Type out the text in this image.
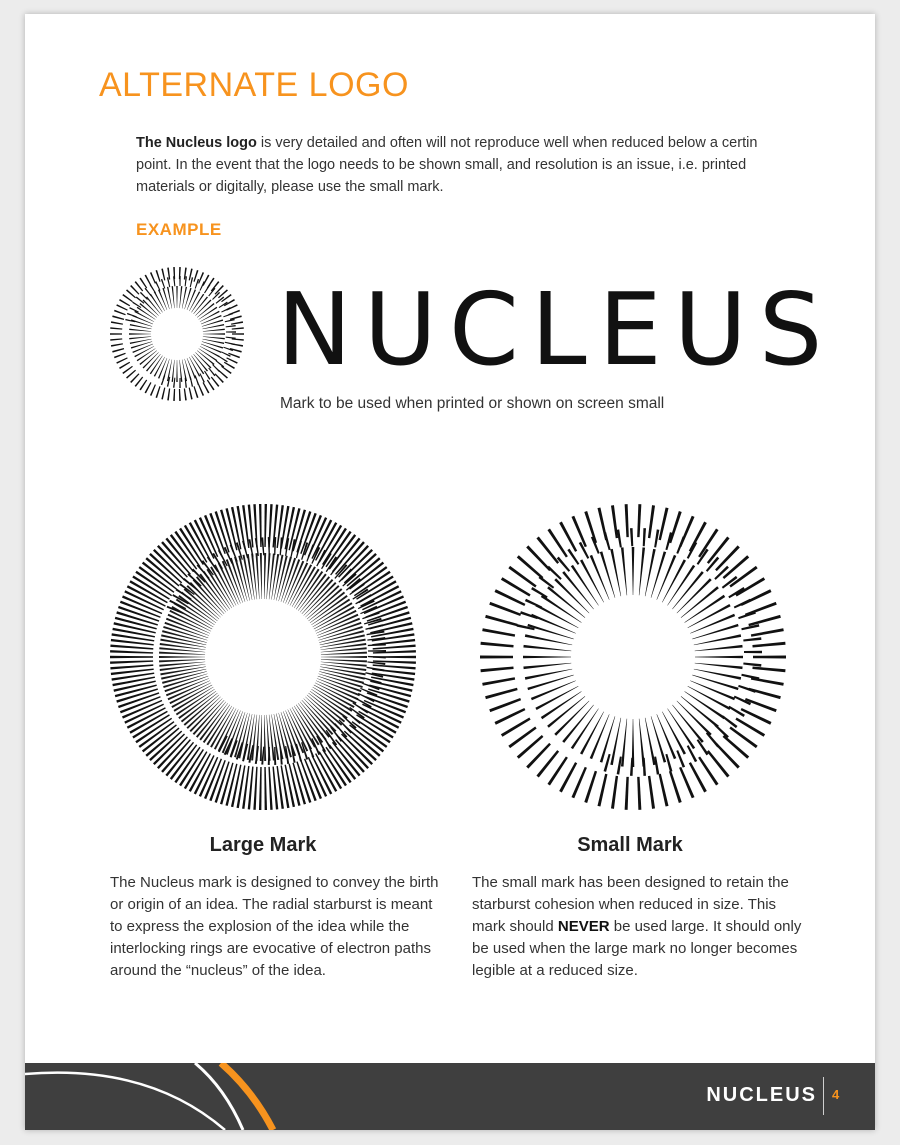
ALTERNATE LOGO
The Nucleus logo is very detailed and often will not reproduce well when reduced below a certin point. In the event that the logo needs to be shown small, and resolution is an issue, i.e. printed materials or digitally, please use the small mark.
EXAMPLE
NUCLEUS
Mark to be used when printed or shown on screen small
Large Mark
The Nucleus mark is designed to convey the birth or origin of an idea. The radial starburst is meant to express the explosion of the idea while the interlocking rings are evocative of electron paths around the “nucleus” of the idea.
Small Mark
The small mark has been designed to retain the starburst cohesion when reduced in size. This mark should NEVER be used large. It should only be used when the large mark no longer becomes legible at a reduced size.
NUCLEUS 4
